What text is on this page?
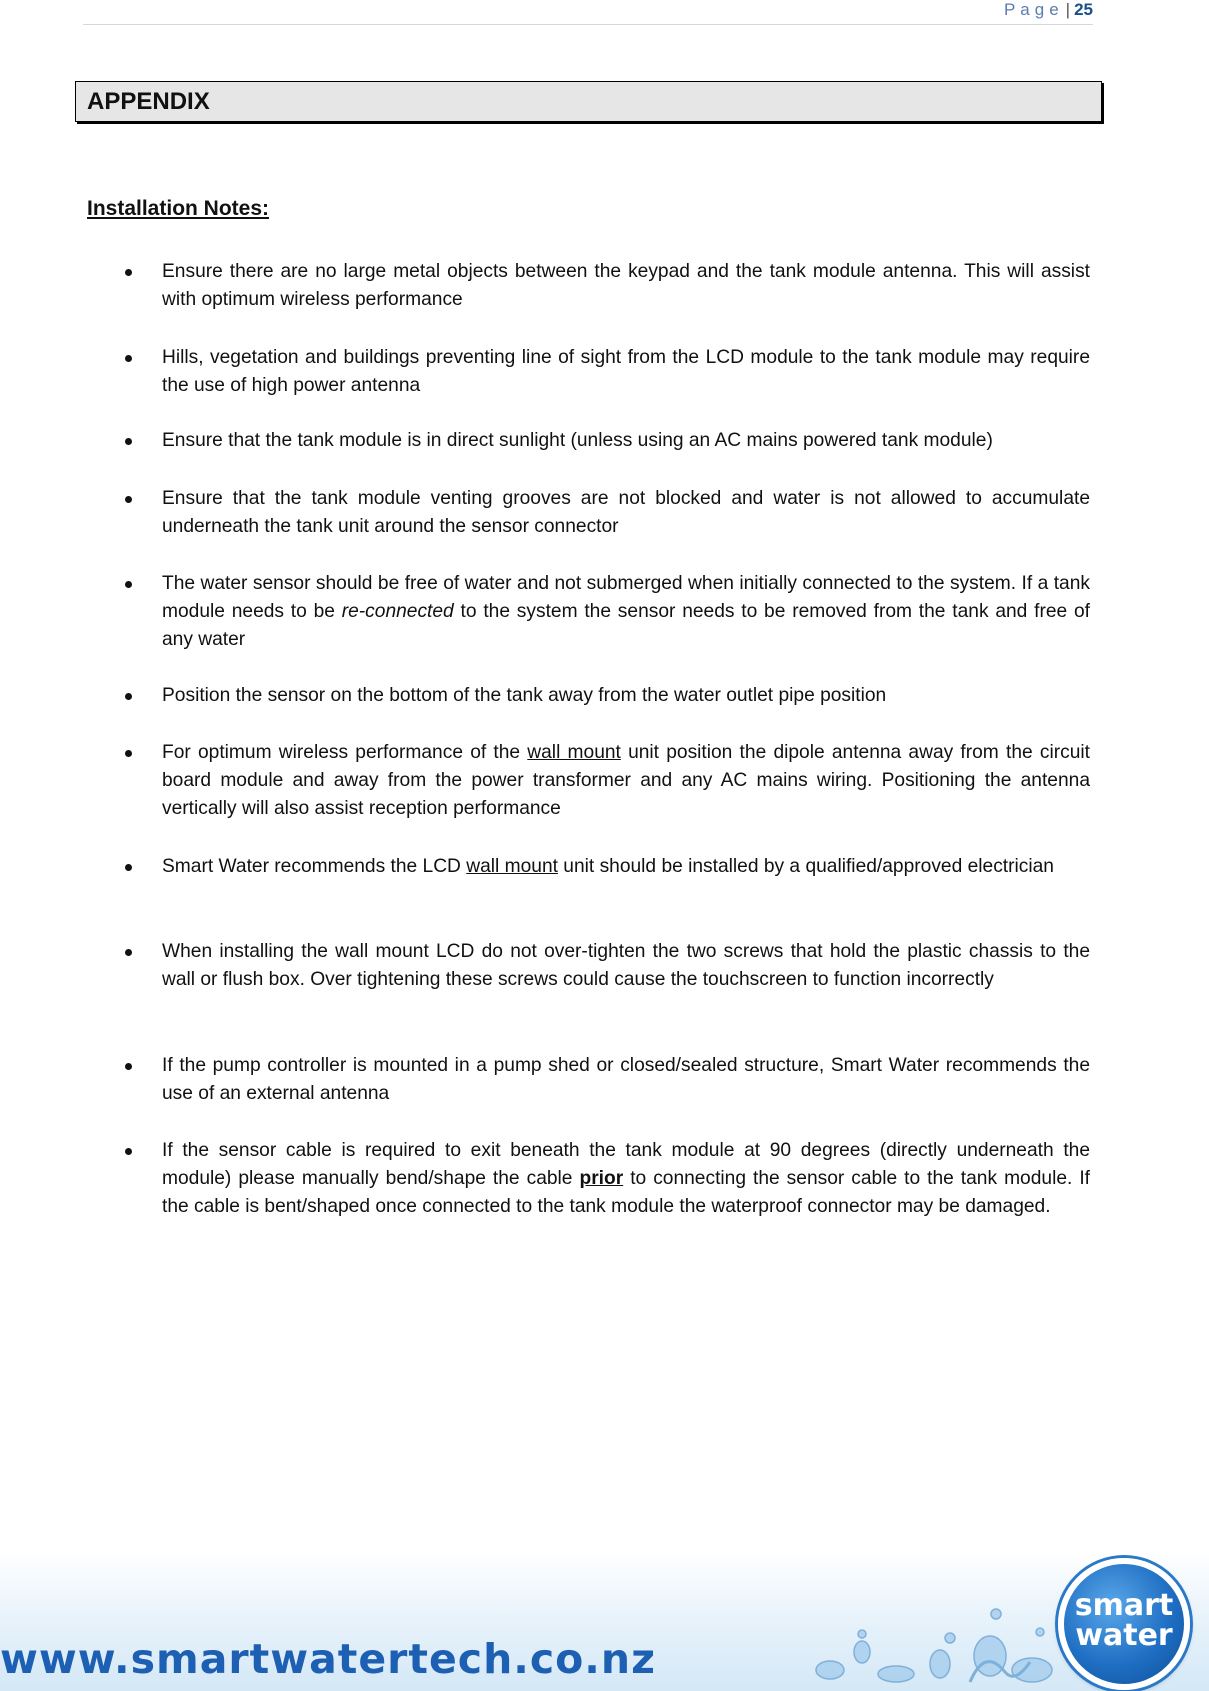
Page | 25
APPENDIX
Installation Notes:
Ensure there are no large metal objects between the keypad and the tank module antenna. This will assist with optimum wireless performance
Hills, vegetation and buildings preventing line of sight from the LCD module to the tank module may require the use of high power antenna
Ensure that the tank module is in direct sunlight (unless using an AC mains powered tank module)
Ensure that the tank module venting grooves are not blocked and water is not allowed to accumulate underneath the tank unit around the sensor connector
The water sensor should be free of water and not submerged when initially connected to the system. If a tank module needs to be re-connected to the system the sensor needs to be removed from the tank and free of any water
Position the sensor on the bottom of the tank away from the water outlet pipe position
For optimum wireless performance of the wall mount unit position the dipole antenna away from the circuit board module and away from the power transformer and any AC mains wiring. Positioning the antenna vertically will also assist reception performance
Smart Water recommends the LCD wall mount unit should be installed by a qualified/approved electrician
When installing the wall mount LCD do not over-tighten the two screws that hold the plastic chassis to the wall or flush box. Over tightening these screws could cause the touchscreen to function incorrectly
If the pump controller is mounted in a pump shed or closed/sealed structure, Smart Water recommends the use of an external antenna
If the sensor cable is required to exit beneath the tank module at 90 degrees (directly underneath the module) please manually bend/shape the cable prior to connecting the sensor cable to the tank module. If the cable is bent/shaped once connected to the tank module the waterproof connector may be damaged.
www.smartwatertech.co.nz
smart
water
